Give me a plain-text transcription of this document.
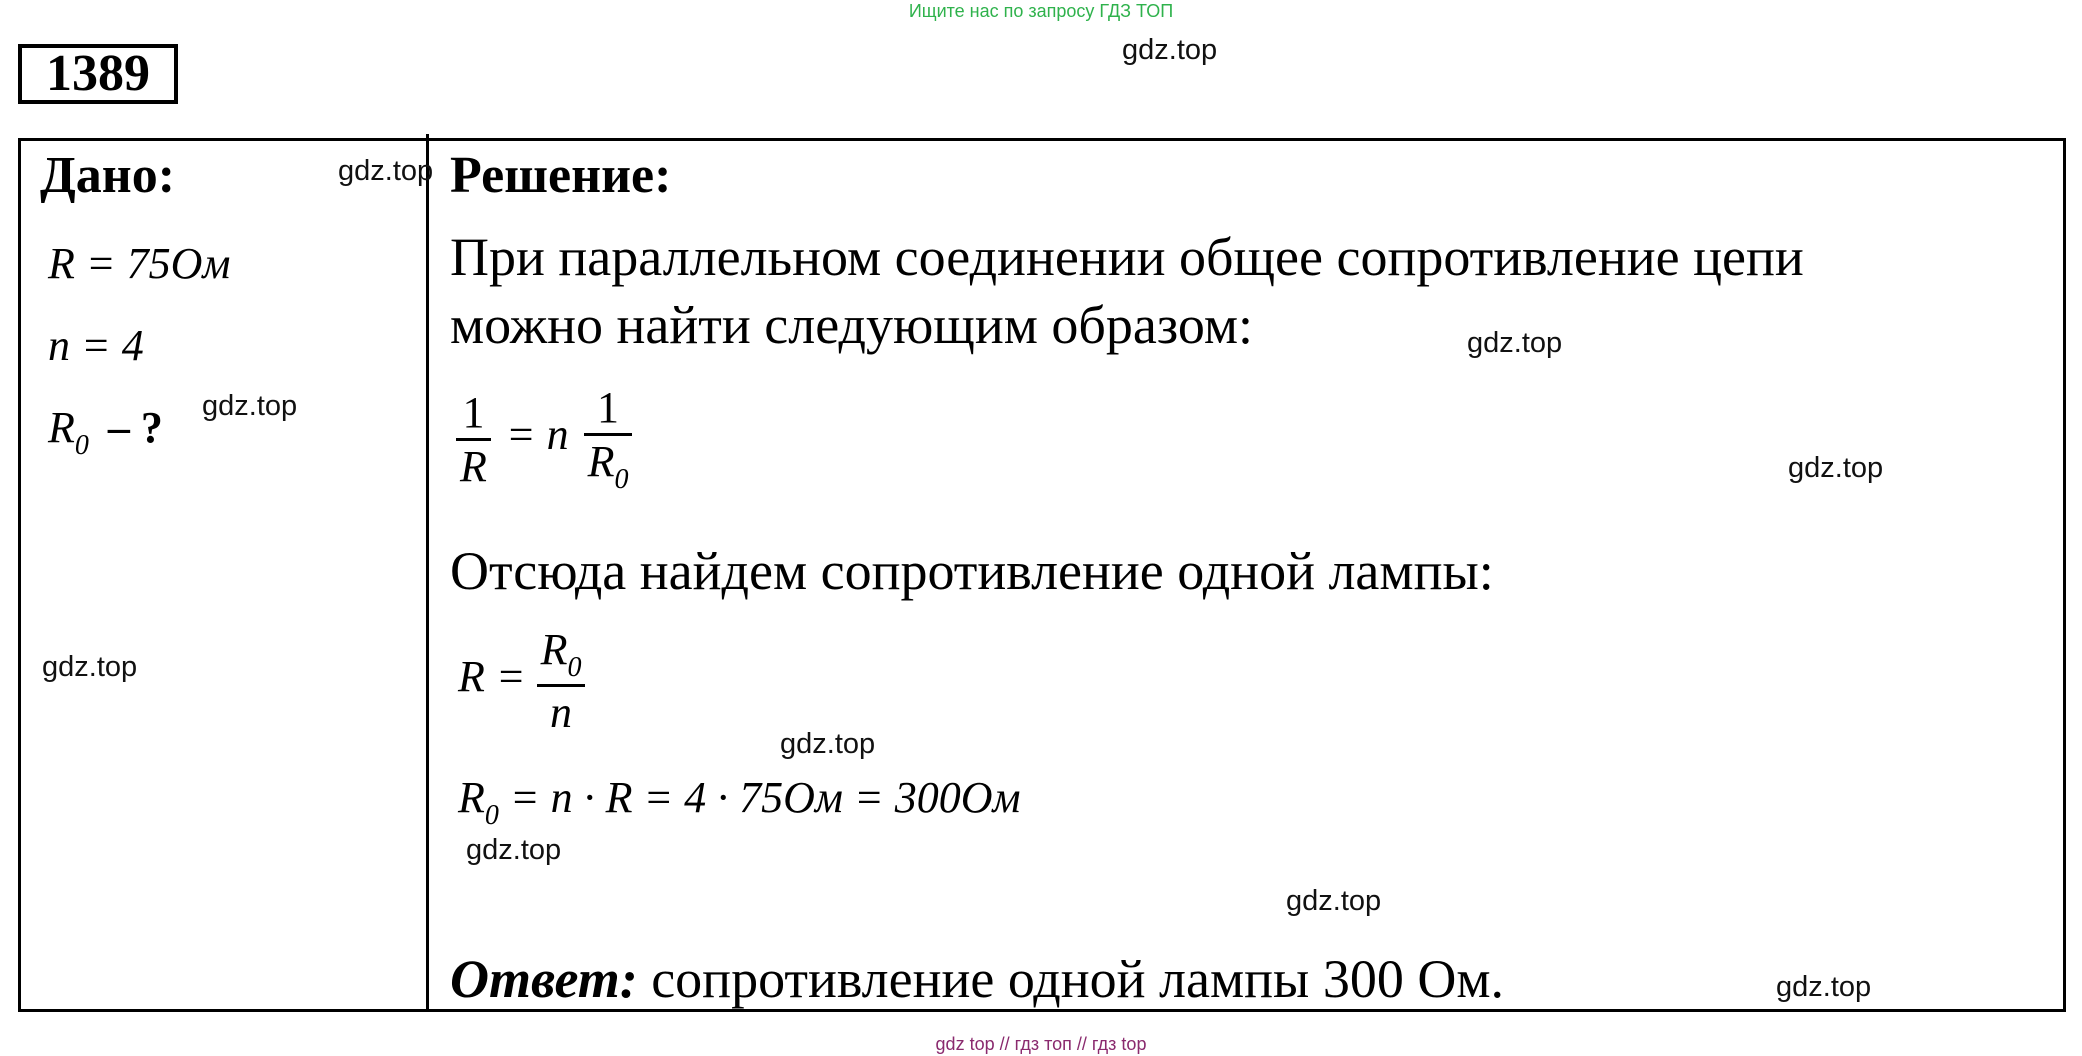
Ищите нас по запросу ГДЗ ТОП
1389	gdz.top
Дано:	gdz.top
R = 75Ом
n = 4
$R_0$ – ? gdz.top
gdz.top
Решение:
При параллельном соединении общее сопротивление цепи
можно найти следующим образом:	gdz.top
$\frac{1}{R} = n \frac{1}{R_0}$	gdz.top
Отсюда найдем сопротивление одной лампы:
$R = \frac{R_0}{n}$
gdz.top
$R_0 = n \cdot R = 4 \cdot 75Ом = 300Ом$
gdz.top
gdz.top
Ответ: сопротивление одной лампы 300 Ом.	gdz.top
gdz top // гдз топ // гдз top
